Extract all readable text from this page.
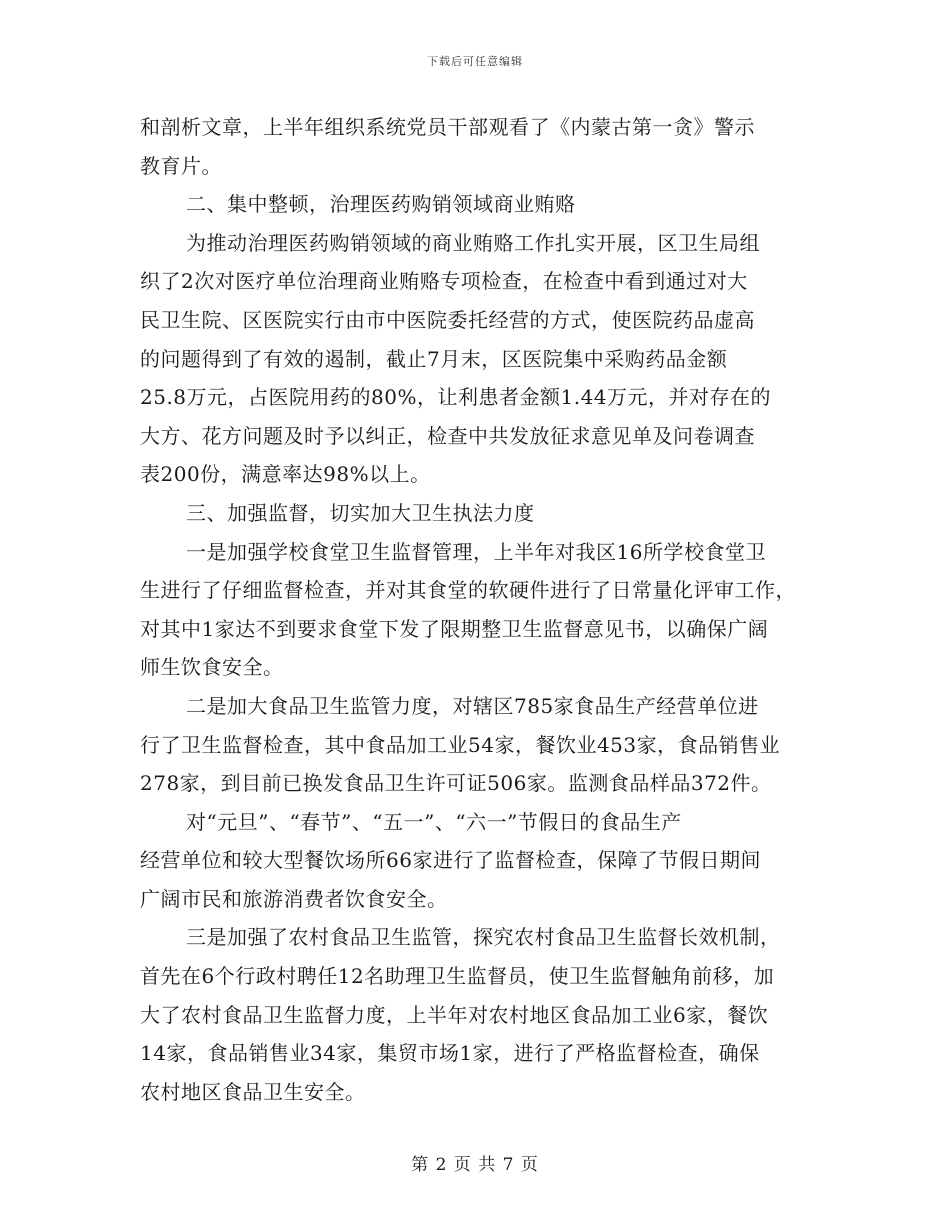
下载后可任意编辑
和剖析文章，上半年组织系统党员干部观看了《内蒙古第一贪》警示
教育片。
二、集中整顿，治理医药购销领域商业贿赂
为推动治理医药购销领域的商业贿赂工作扎实开展，区卫生局组
织了2次对医疗单位治理商业贿赂专项检查，在检查中看到通过对大
民卫生院、区医院实行由市中医院委托经营的方式，使医院药品虚高
的问题得到了有效的遏制，截止7月末，区医院集中采购药品金额
25.8万元，占医院用药的80%，让利患者金额1.44万元，并对存在的
大方、花方问题及时予以纠正，检查中共发放征求意见单及问卷调查
表200份，满意率达98%以上。
三、加强监督，切实加大卫生执法力度
一是加强学校食堂卫生监督管理，上半年对我区16所学校食堂卫
生进行了仔细监督检查，并对其食堂的软硬件进行了日常量化评审工作，
对其中1家达不到要求食堂下发了限期整卫生监督意见书，以确保广阔
师生饮食安全。
二是加大食品卫生监管力度，对辖区785家食品生产经营单位进
行了卫生监督检查，其中食品加工业54家，餐饮业453家，食品销售业
278家，到目前已换发食品卫生许可证506家。监测食品样品372件。
对“元旦”、“春节”、“五一”、“六一”节假日的食品生产
经营单位和较大型餐饮场所66家进行了监督检查，保障了节假日期间
广阔市民和旅游消费者饮食安全。
三是加强了农村食品卫生监管，探究农村食品卫生监督长效机制，
首先在6个行政村聘任12名助理卫生监督员，使卫生监督触角前移，加
大了农村食品卫生监督力度，上半年对农村地区食品加工业6家，餐饮
14家，食品销售业34家，集贸市场1家，进行了严格监督检查，确保
农村地区食品卫生安全。
第 2 页 共 7 页
